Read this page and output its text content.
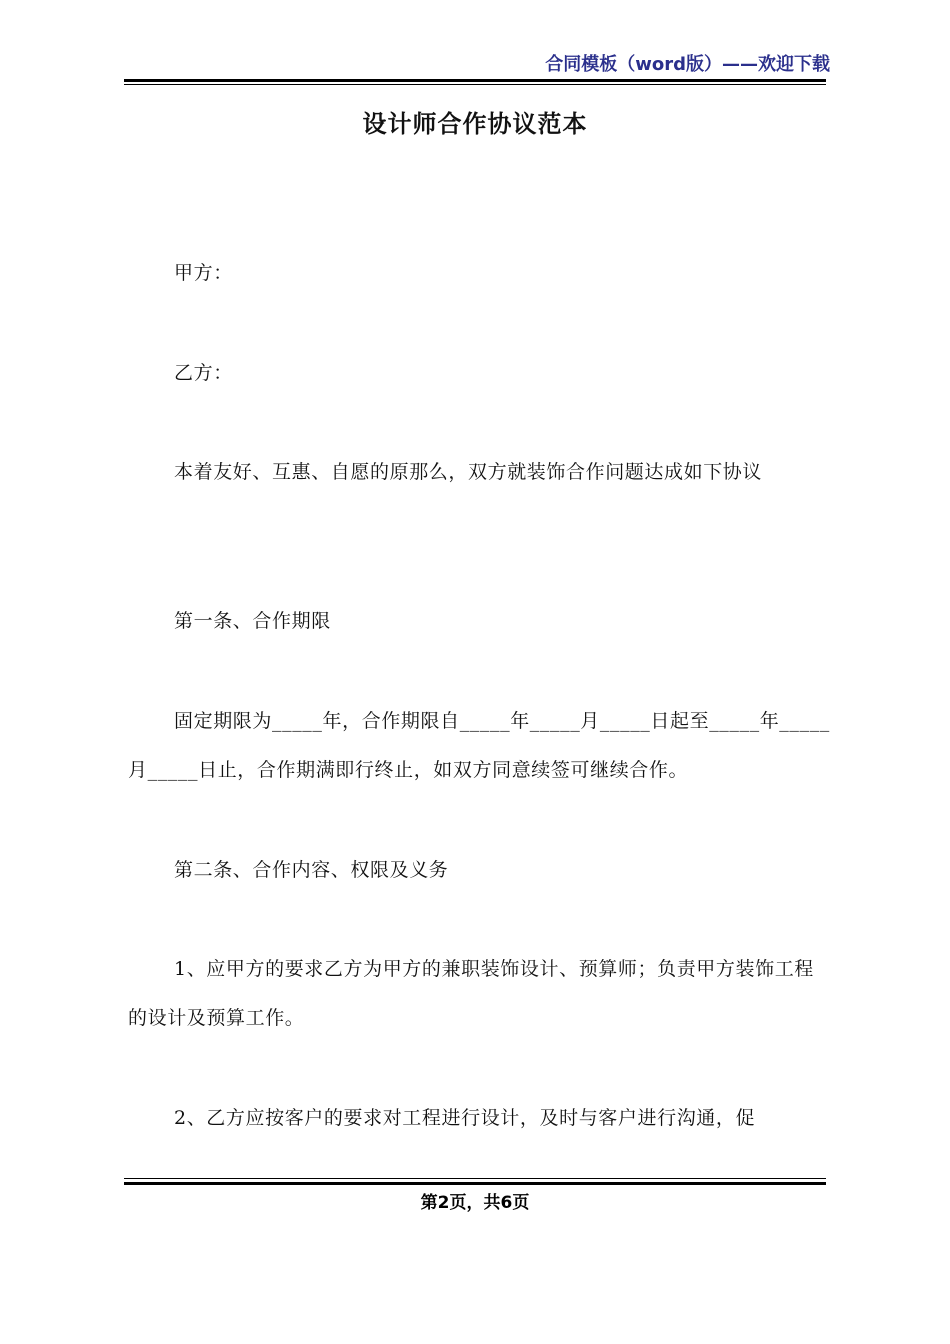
合同模板（word版）——欢迎下载
设计师合作协议范本
甲方：
乙方：
本着友好、互惠、自愿的原那么，双方就装饰合作问题达成如下协议
第一条、合作期限
固定期限为_____年，合作期限自_____年_____月_____日起至_____年_____月_____日止，合作期满即行终止，如双方同意续签可继续合作。
第二条、合作内容、权限及义务
1、应甲方的要求乙方为甲方的兼职装饰设计、预算师；负责甲方装饰工程的设计及预算工作。
2、乙方应按客户的要求对工程进行设计，及时与客户进行沟通，促
第2页，共6页
